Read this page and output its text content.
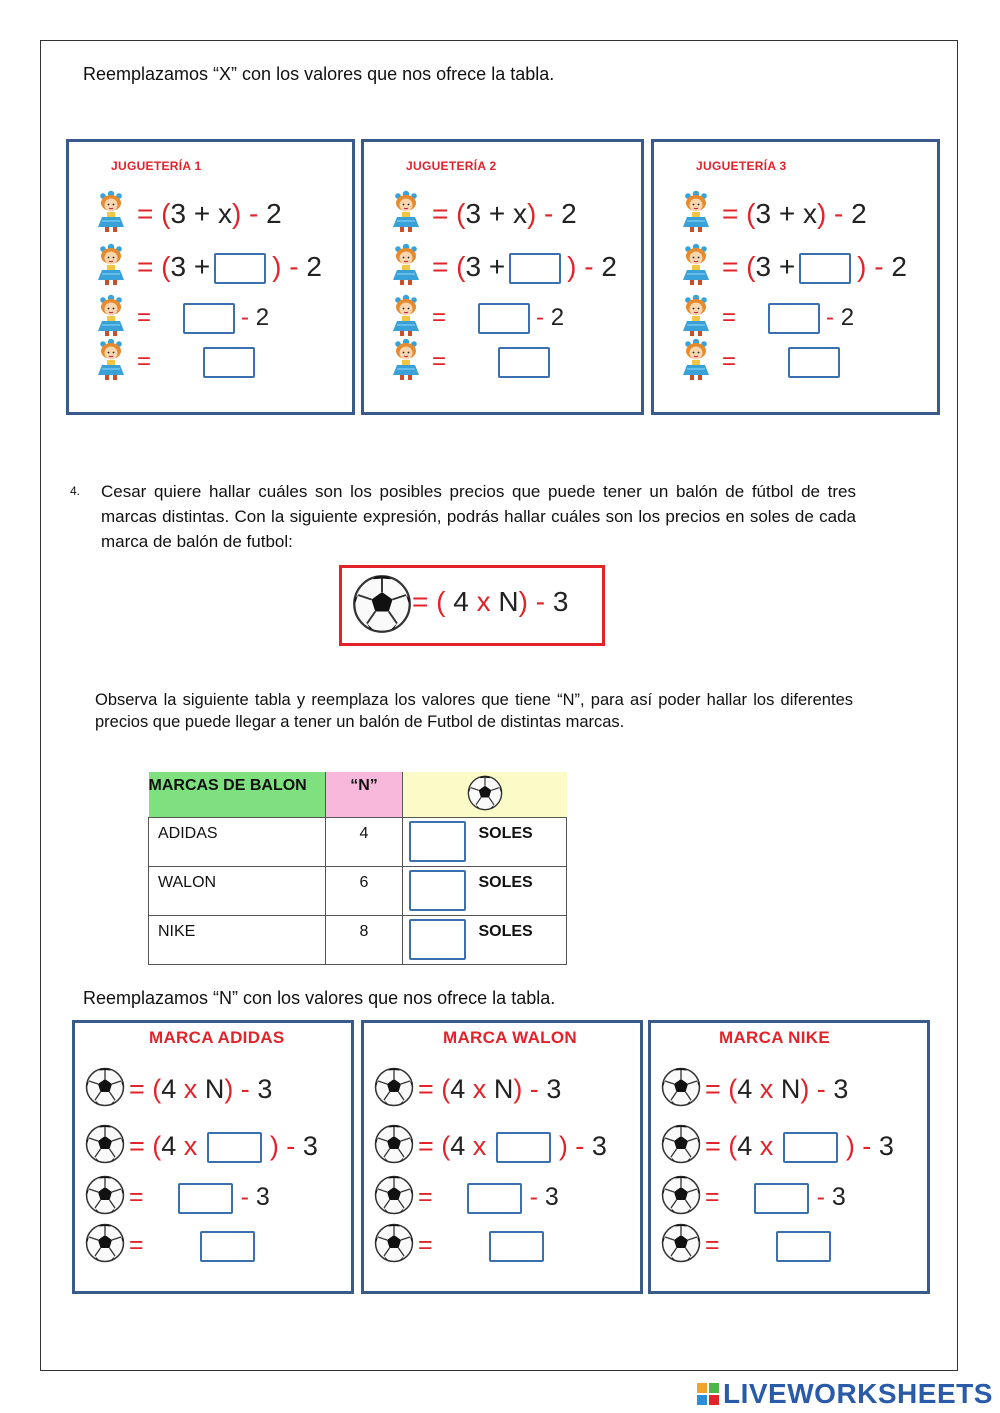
Reemplazamos “X” con los valores que nos ofrece la tabla.
JUGUETERÍA 1
= (3 + x) - 2
= (3 + ) - 2
=	- 2
=
JUGUETERÍA 2
= (3 + x) - 2
= (3 + ) - 2
=	- 2
=
JUGUETERÍA 3
= (3 + x) - 2
= (3 + ) - 2
=	- 2
=
4. Cesar quiere hallar cuáles son los posibles precios que puede tener un balón de fútbol de tres marcas distintas. Con la siguiente expresión, podrás hallar cuáles son los precios en soles de cada marca de balón de futbol:
= ( 4 x N) - 3
Observa la siguiente tabla y reemplaza los valores que tiene “N”, para así poder hallar los diferentes precios que puede llegar a tener un balón de Futbol de distintas marcas.
MARCAS DE BALON	“N”	
ADIDAS	4	SOLES
WALON	6	SOLES
NIKE	8	SOLES
Reemplazamos “N” con los valores que nos ofrece la tabla.
MARCA ADIDAS
= (4 x N) - 3
= (4 x ) - 3
=	- 3
=
MARCA WALON
= (4 x N) - 3
= (4 x ) - 3
=	- 3
=
MARCA NIKE
= (4 x N) - 3
= (4 x ) - 3
=	- 3
=
LIVEWORKSHEETS
